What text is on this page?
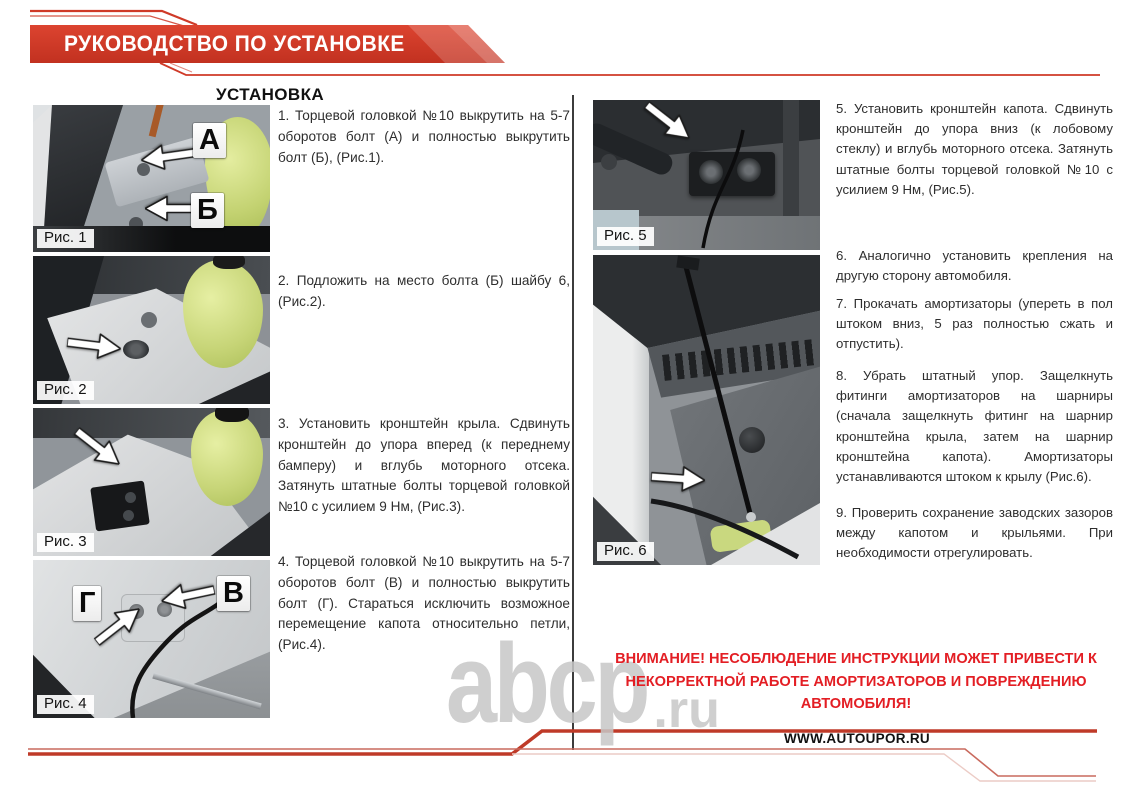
РУКОВОДСТВО ПО УСТАНОВКЕ
УСТАНОВКА
А
Б
Рис. 1
Рис. 2
Рис. 3
Г	В
Рис. 4
Рис. 5
Рис. 6

1. Торцевой головкой №10 выкрутить на 5-7 оборотов болт (А) и полностью выкрутить болт (Б), (Рис.1).

2. Подложить на место болта (Б) шайбу 6, (Рис.2).

3. Установить кронштейн крыла. Сдвинуть кронштейн до упора вперед (к переднему бамперу) и вглубь моторного отсека. Затянуть штатные болты торцевой головкой №10 с усилием 9 Нм, (Рис.3).

4. Торцевой головкой №10 выкрутить на 5-7 оборотов болт (В) и полностью выкрутить болт (Г). Стараться исключить возможное перемещение капота относительно петли, (Рис.4).

5. Установить кронштейн капота. Сдвинуть кронштейн до упора вниз (к лобовому стеклу) и вглубь моторного отсека. Затянуть штатные болты торцевой головкой №10 с усилием 9 Нм, (Рис.5).

6. Аналогично установить крепления на другую сторону автомобиля.

7. Прокачать амортизаторы (упереть в пол штоком вниз, 5 раз полностью сжать и отпустить).

8. Убрать штатный упор. Защелкнуть фитинги амортизаторов на шарниры (сначала защелкнуть фитинг на шарнир кронштейна крыла, затем на шарнир кронштейна капота). Амортизаторы устанавливаются штоком к крылу (Рис.6).

9. Проверить сохранение заводских зазоров между капотом и крыльями. При необходимости отрегулировать.

abcp .ru
ВНИМАНИЕ! НЕСОБЛЮДЕНИЕ ИНСТРУКЦИИ МОЖЕТ ПРИВЕСТИ К НЕКОРРЕКТНОЙ РАБОТЕ АМОРТИЗАТОРОВ И ПОВРЕЖДЕНИЮ АВТОМОБИЛЯ!
WWW.AUTOUPOR.RU
